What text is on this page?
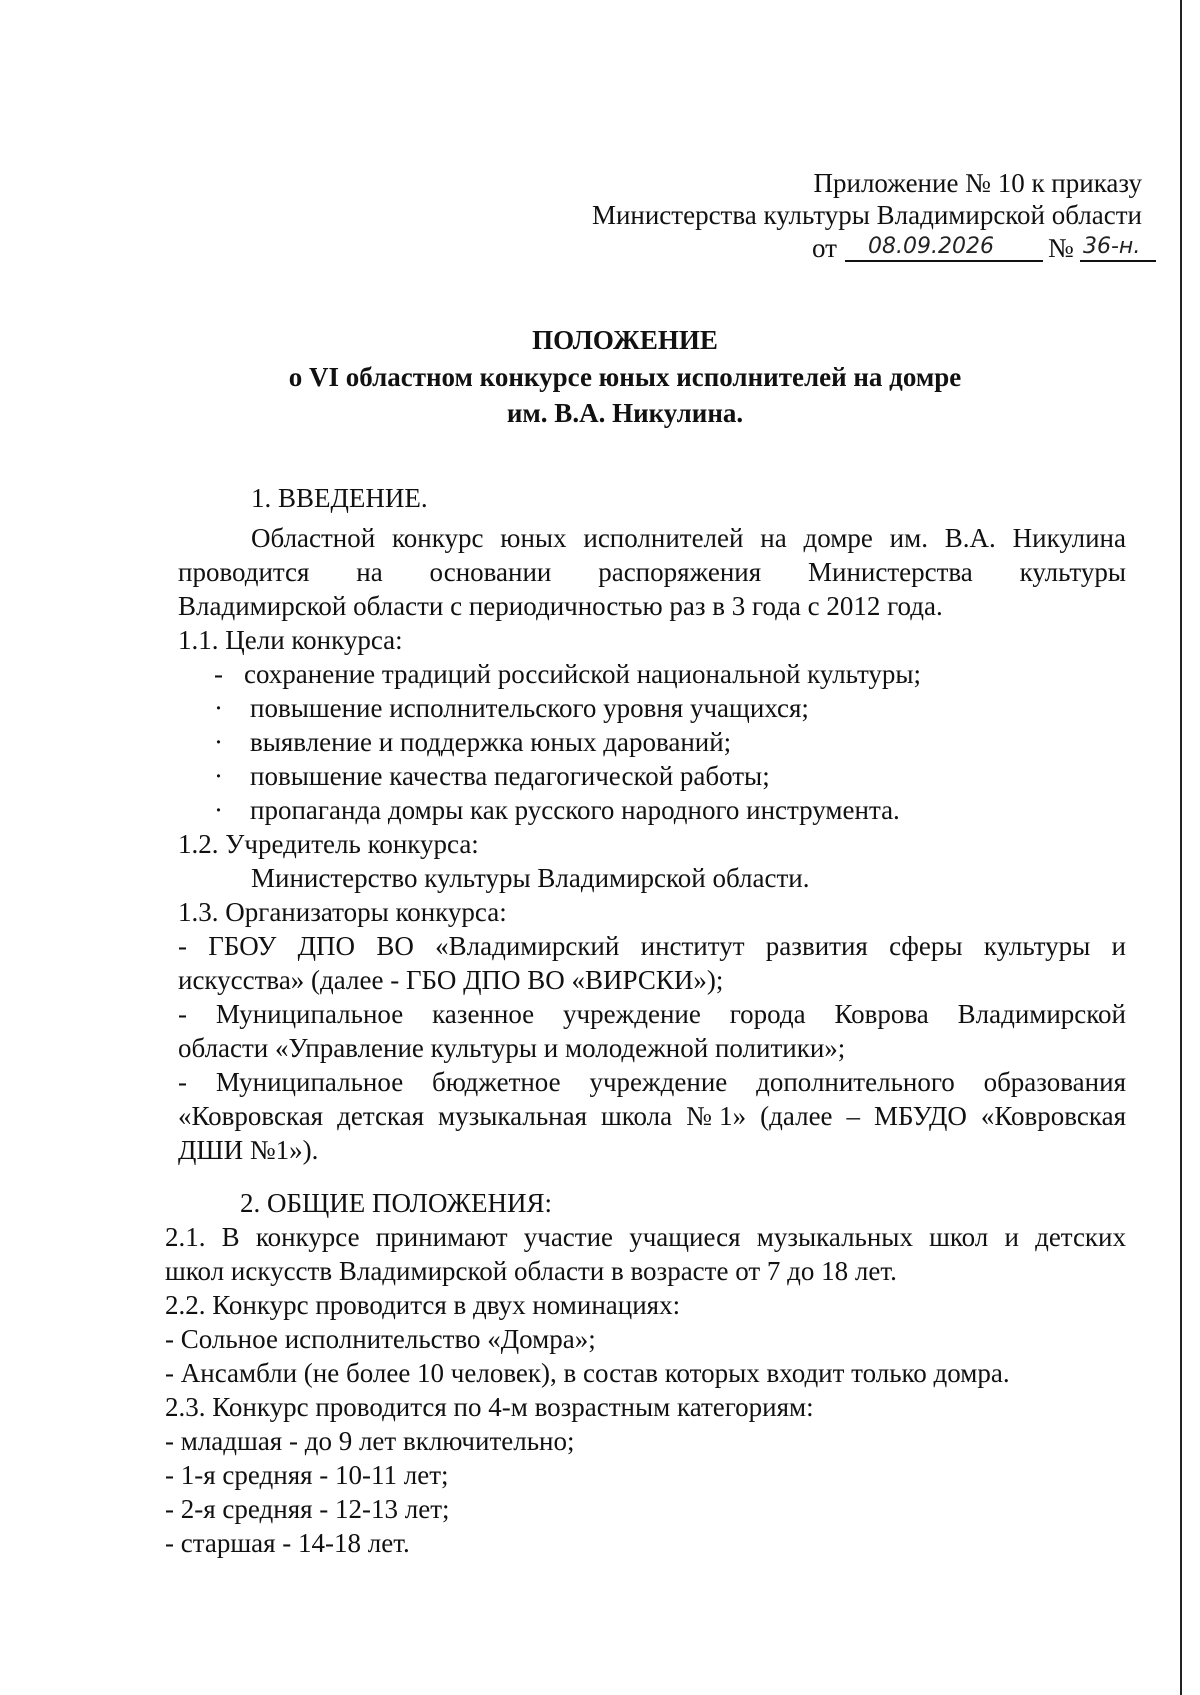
Приложение № 10 к приказу
Министерства культуры Владимирской области
от 08.09.2026 № 36-н.
ПОЛОЖЕНИЕ
о VI областном конкурсе юных исполнителей на домре
им. В.А. Никулина.
1. ВВЕДЕНИЕ.
Областной конкурс юных исполнителей на домре им. В.А. Никулина
проводится на основании распоряжения Министерства культуры
Владимирской области с периодичностью раз в 3 года с 2012 года.
1.1. Цели конкурса:
- сохранение традиций российской национальной культуры;
· повышение исполнительского уровня учащихся;
· выявление и поддержка юных дарований;
· повышение качества педагогической работы;
· пропаганда домры как русского народного инструмента.
1.2. Учредитель конкурса:
Министерство культуры Владимирской области.
1.3. Организаторы конкурса:
- ГБОУ ДПО ВО «Владимирский институт развития сферы культуры и
искусства» (далее - ГБО ДПО ВО «ВИРСКИ»);
- Муниципальное казенное учреждение города Коврова Владимирской
области «Управление культуры и молодежной политики»;
- Муниципальное бюджетное учреждение дополнительного образования
«Ковровская детская музыкальная школа №1» (далее – МБУДО «Ковровская
ДШИ №1»).
2. ОБЩИЕ ПОЛОЖЕНИЯ:
2.1. В конкурсе принимают участие учащиеся музыкальных школ и детских
школ искусств Владимирской области в возрасте от 7 до 18 лет.
2.2. Конкурс проводится в двух номинациях:
- Сольное исполнительство «Домра»;
- Ансамбли (не более 10 человек), в состав которых входит только домра.
2.3. Конкурс проводится по 4-м возрастным категориям:
- младшая - до 9 лет включительно;
- 1-я средняя - 10-11 лет;
- 2-я средняя - 12-13 лет;
- старшая - 14-18 лет.
